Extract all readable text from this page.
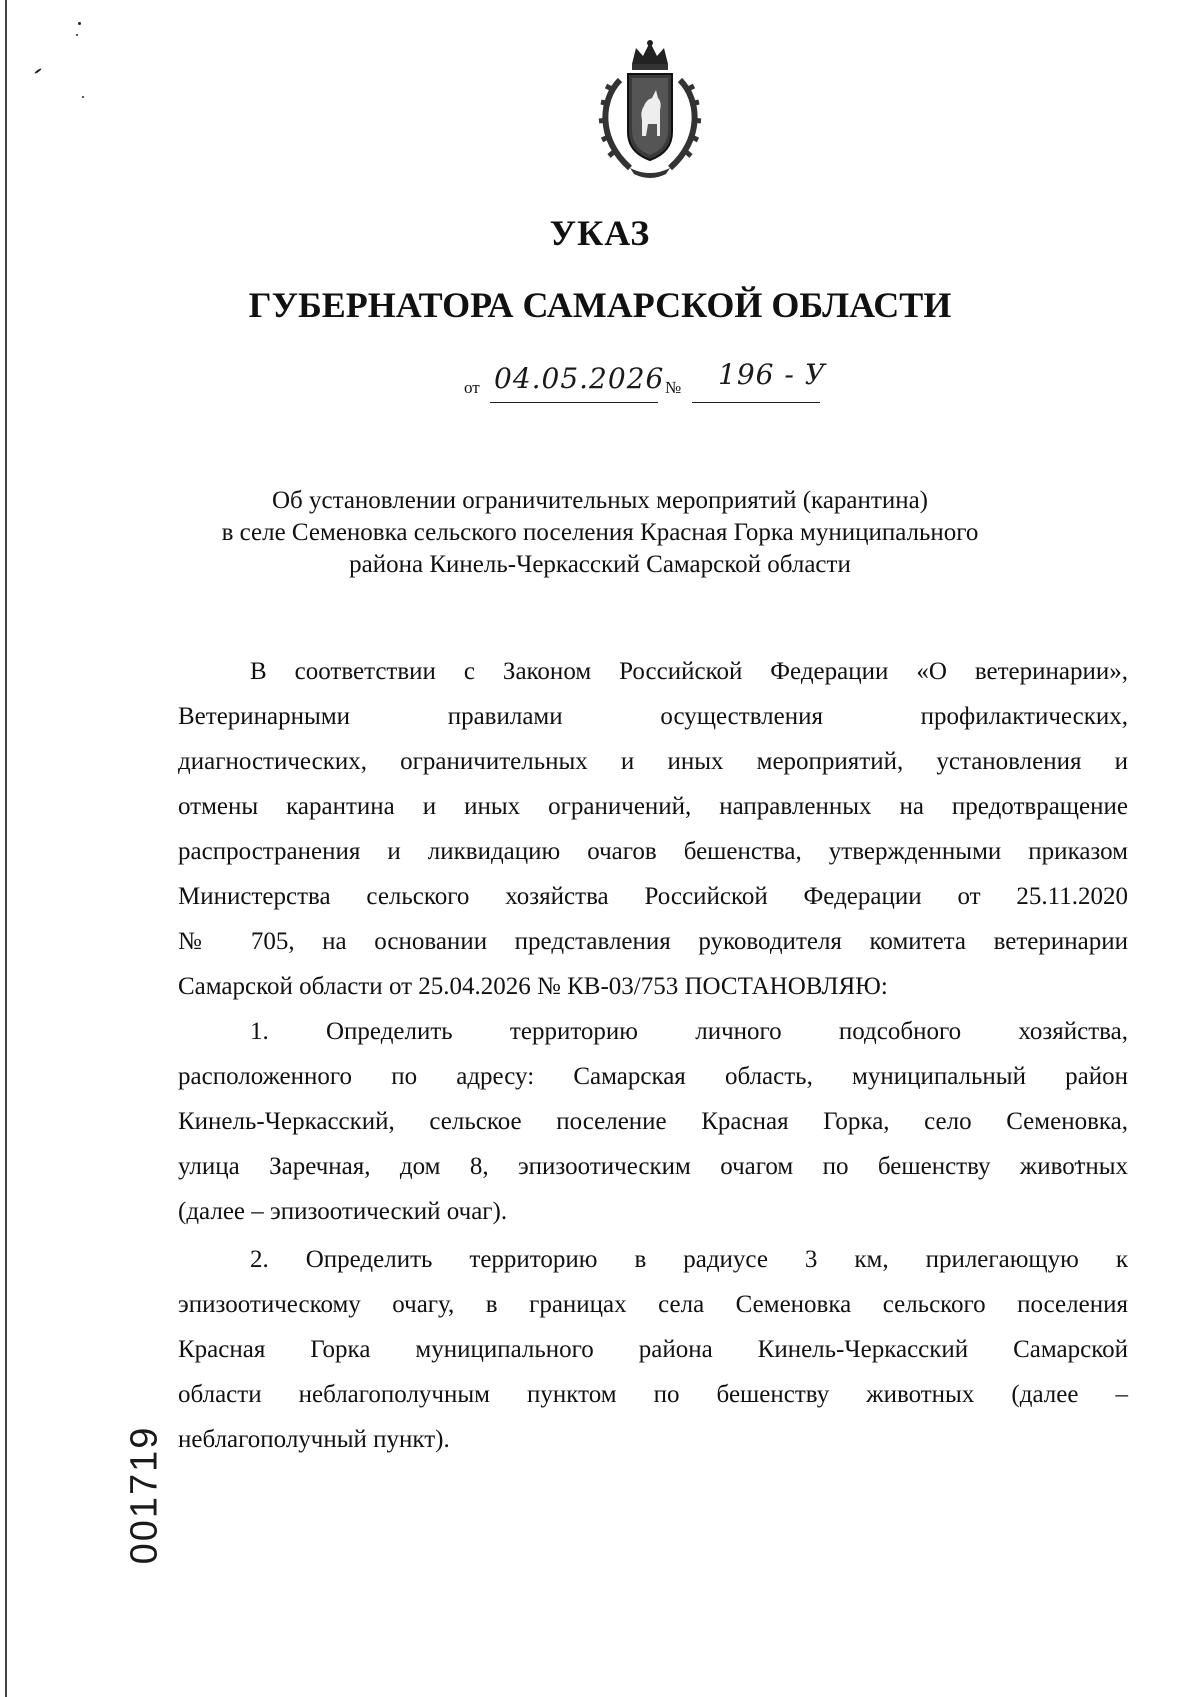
УКАЗ
ГУБЕРНАТОРА САМАРСКОЙ ОБЛАСТИ
от 04.05.2026 № 196 - У
Об установлении ограничительных мероприятий (карантина)
в селе Семеновка сельского поселения Красная Горка муниципального
района Кинель-Черкасский Самарской области
В соответствии с Законом Российской Федерации «О ветеринарии»,
Ветеринарными правилами осуществления профилактических,
диагностических, ограничительных и иных мероприятий, установления и
отмены карантина и иных ограничений, направленных на предотвращение
распространения и ликвидацию очагов бешенства, утвержденными приказом
Министерства сельского хозяйства Российской Федерации от 25.11.2020
№ 705, на основании представления руководителя комитета ветеринарии
Самарской области от 25.04.2026 № КВ-03/753 ПОСТАНОВЛЯЮ:
1. Определить территорию личного подсобного хозяйства,
расположенного по адресу: Самарская область, муниципальный район
Кинель-Черкасский, сельское поселение Красная Горка, село Семеновка,
улица Заречная, дом 8, эпизоотическим очагом по бешенству животных
(далее – эпизоотический очаг).
2. Определить территорию в радиусе 3 км, прилегающую к
эпизоотическому очагу, в границах села Семеновка сельского поселения
Красная Горка муниципального района Кинель-Черкасский Самарской
области неблагополучным пунктом по бешенству животных (далее –
неблагополучный пункт).
001719
